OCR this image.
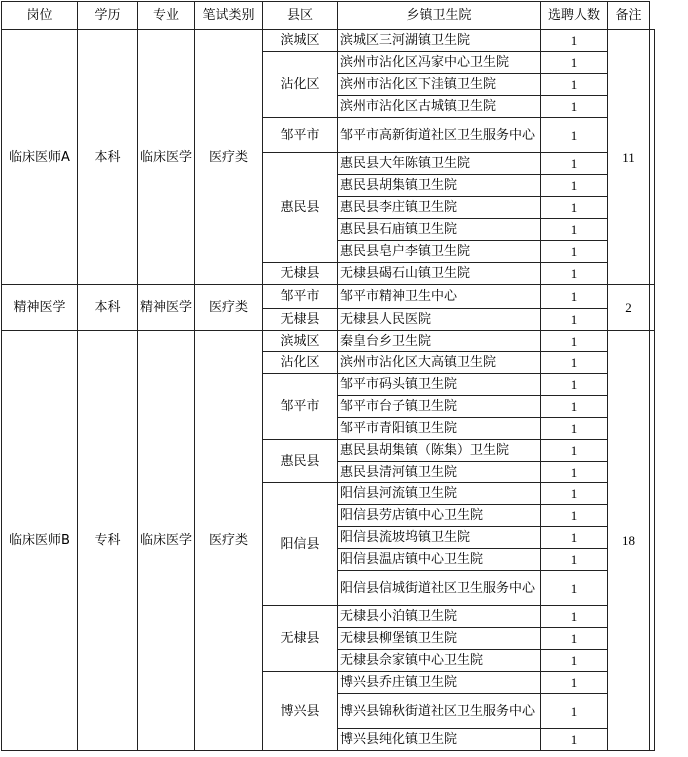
岗位	学历	专业	笔试类别	县区	乡镇卫生院	选聘人数	备注	
临床医师A	本科	临床医学	医疗类	滨城区	滨城区三河湖镇卫生院	1	11	
				沾化区	滨州市沾化区冯家中心卫生院	1		
					滨州市沾化区下洼镇卫生院	1		
					滨州市沾化区古城镇卫生院	1		
				邹平市	邹平市高新街道社区卫生服务中心	1		
				惠民县	惠民县大年陈镇卫生院	1		
					惠民县胡集镇卫生院	1		
					惠民县李庄镇卫生院	1		
					惠民县石庙镇卫生院	1		
					惠民县皂户李镇卫生院	1		
				无棣县	无棣县碣石山镇卫生院	1		
精神医学	本科	精神医学	医疗类	邹平市	邹平市精神卫生中心	1	2	
				无棣县	无棣县人民医院	1		
临床医师B	专科	临床医学	医疗类	滨城区	秦皇台乡卫生院	1	18	
				沾化区	滨州市沾化区大高镇卫生院	1		
				邹平市	邹平市码头镇卫生院	1		
					邹平市台子镇卫生院	1		
					邹平市青阳镇卫生院	1		
				惠民县	惠民县胡集镇（陈集）卫生院	1		
					惠民县清河镇卫生院	1		
				阳信县	阳信县河流镇卫生院	1		
					阳信县劳店镇中心卫生院	1		
					阳信县流坡坞镇卫生院	1		
					阳信县温店镇中心卫生院	1		
					阳信县信城街道社区卫生服务中心	1		
				无棣县	无棣县小泊镇卫生院	1		
					无棣县柳堡镇卫生院	1		
					无棣县佘家镇中心卫生院	1		
				博兴县	博兴县乔庄镇卫生院	1		
					博兴县锦秋街道社区卫生服务中心	1		
					博兴县纯化镇卫生院	1		
